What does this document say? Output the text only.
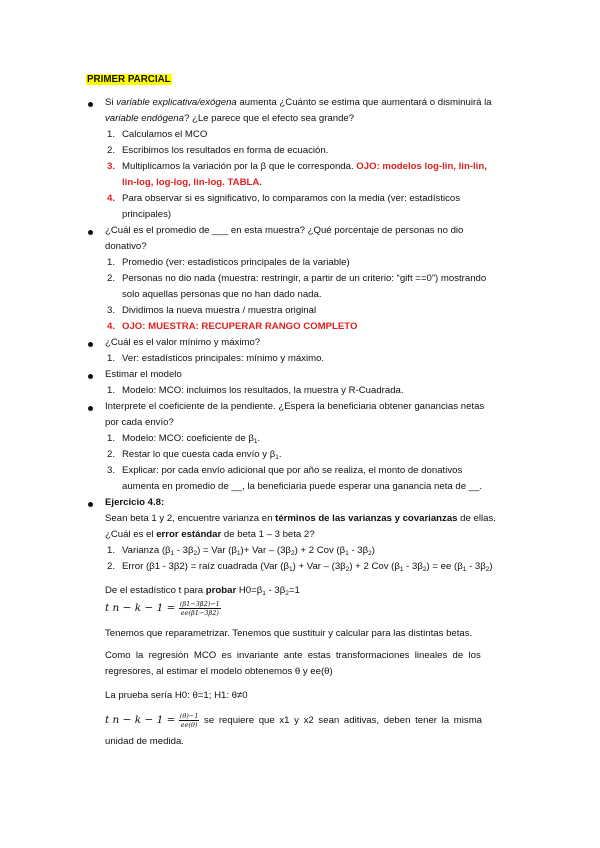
PRIMER PARCIAL
Si variable explicativa/exógena aumenta ¿Cuánto se estima que aumentará o disminuirá la
variable endógena? ¿Le parece que el efecto sea grande?
1. Calculamos el MCO
2. Escribimos los resultados en forma de ecuación.
3. Multiplicamos la variación por la β que le corresponda. OJO: modelos log-lin, lin-lin,
lin-log, log-log, lin-log. TABLA.
4. Para observar si es significativo, lo comparamos con la media (ver: estadísticos
principales)
¿Cuál es el promedio de ___ en esta muestra? ¿Qué porcentaje de personas no dio
donativo?
1. Promedio (ver: estadísticos principales de la variable)
2. Personas no dio nada (muestra: restringir, a partir de un criterio: “gift ==0”) mostrando
solo aquellas personas que no han dado nada.
3. Dividimos la nueva muestra / muestra original
4. OJO: MUESTRA: RECUPERAR RANGO COMPLETO
¿Cuál es el valor mínimo y máximo?
1. Ver: estadísticos principales: mínimo y máximo.
Estimar el modelo
1. Modelo: MCO: incluimos los resultados, la muestra y R-Cuadrada.
Interprete el coeficiente de la pendiente. ¿Espera la beneficiaria obtener ganancias netas
por cada envío?
1. Modelo: MCO: coeficiente de $\beta_1$.
2. Restar lo que cuesta cada envío y $\beta_1$.
3. Explicar: por cada envío adicional que por año se realiza, el monto de donativos
aumenta en promedio de __, la beneficiaria puede esperar una ganancia neta de __.
Ejercicio 4.8:
Sean beta 1 y 2, encuentre varianza en términos de las varianzas y covarianzas de ellas.
¿Cuál es el error estándar de beta 1 – 3 beta 2?
1. Varianza $(\beta_1 - 3\beta_2)$ = Var $(\beta_1)+$ Var – $(3\beta_2) + 2$ Cov $(\beta_1 - 3\beta_2)$
2. Error (β1 - 3β2) = raíz cuadrada (Var $(\beta_1)$ + Var – $(3\beta_2) + 2$ Cov $(\beta_1 - 3\beta_2)$ = ee $(\beta_1 - 3\beta_2)$
De el estadístico t para probar $H0=\beta_1 - 3\beta_2=1$
t $n - k - 1 = \frac{(\beta 1-3\beta 2)-1}{ee(\beta 1-3\beta 2)}$
Tenemos que reparametrizar. Tenemos que sustituir y calcular para las distintas betas.
Como la regresión MCO es invariante ante estas transformaciones lineales de los
regresores, al estimar el modelo obtenemos θ y ee(θ)
La prueba sería H0: θ=1; H1: θ≠0
t $n - k - 1 = \frac{(\theta)-1}{ee(\theta)}$ se requiere que x1 y x2 sean aditivas, deben tener la misma
unidad de medida.
